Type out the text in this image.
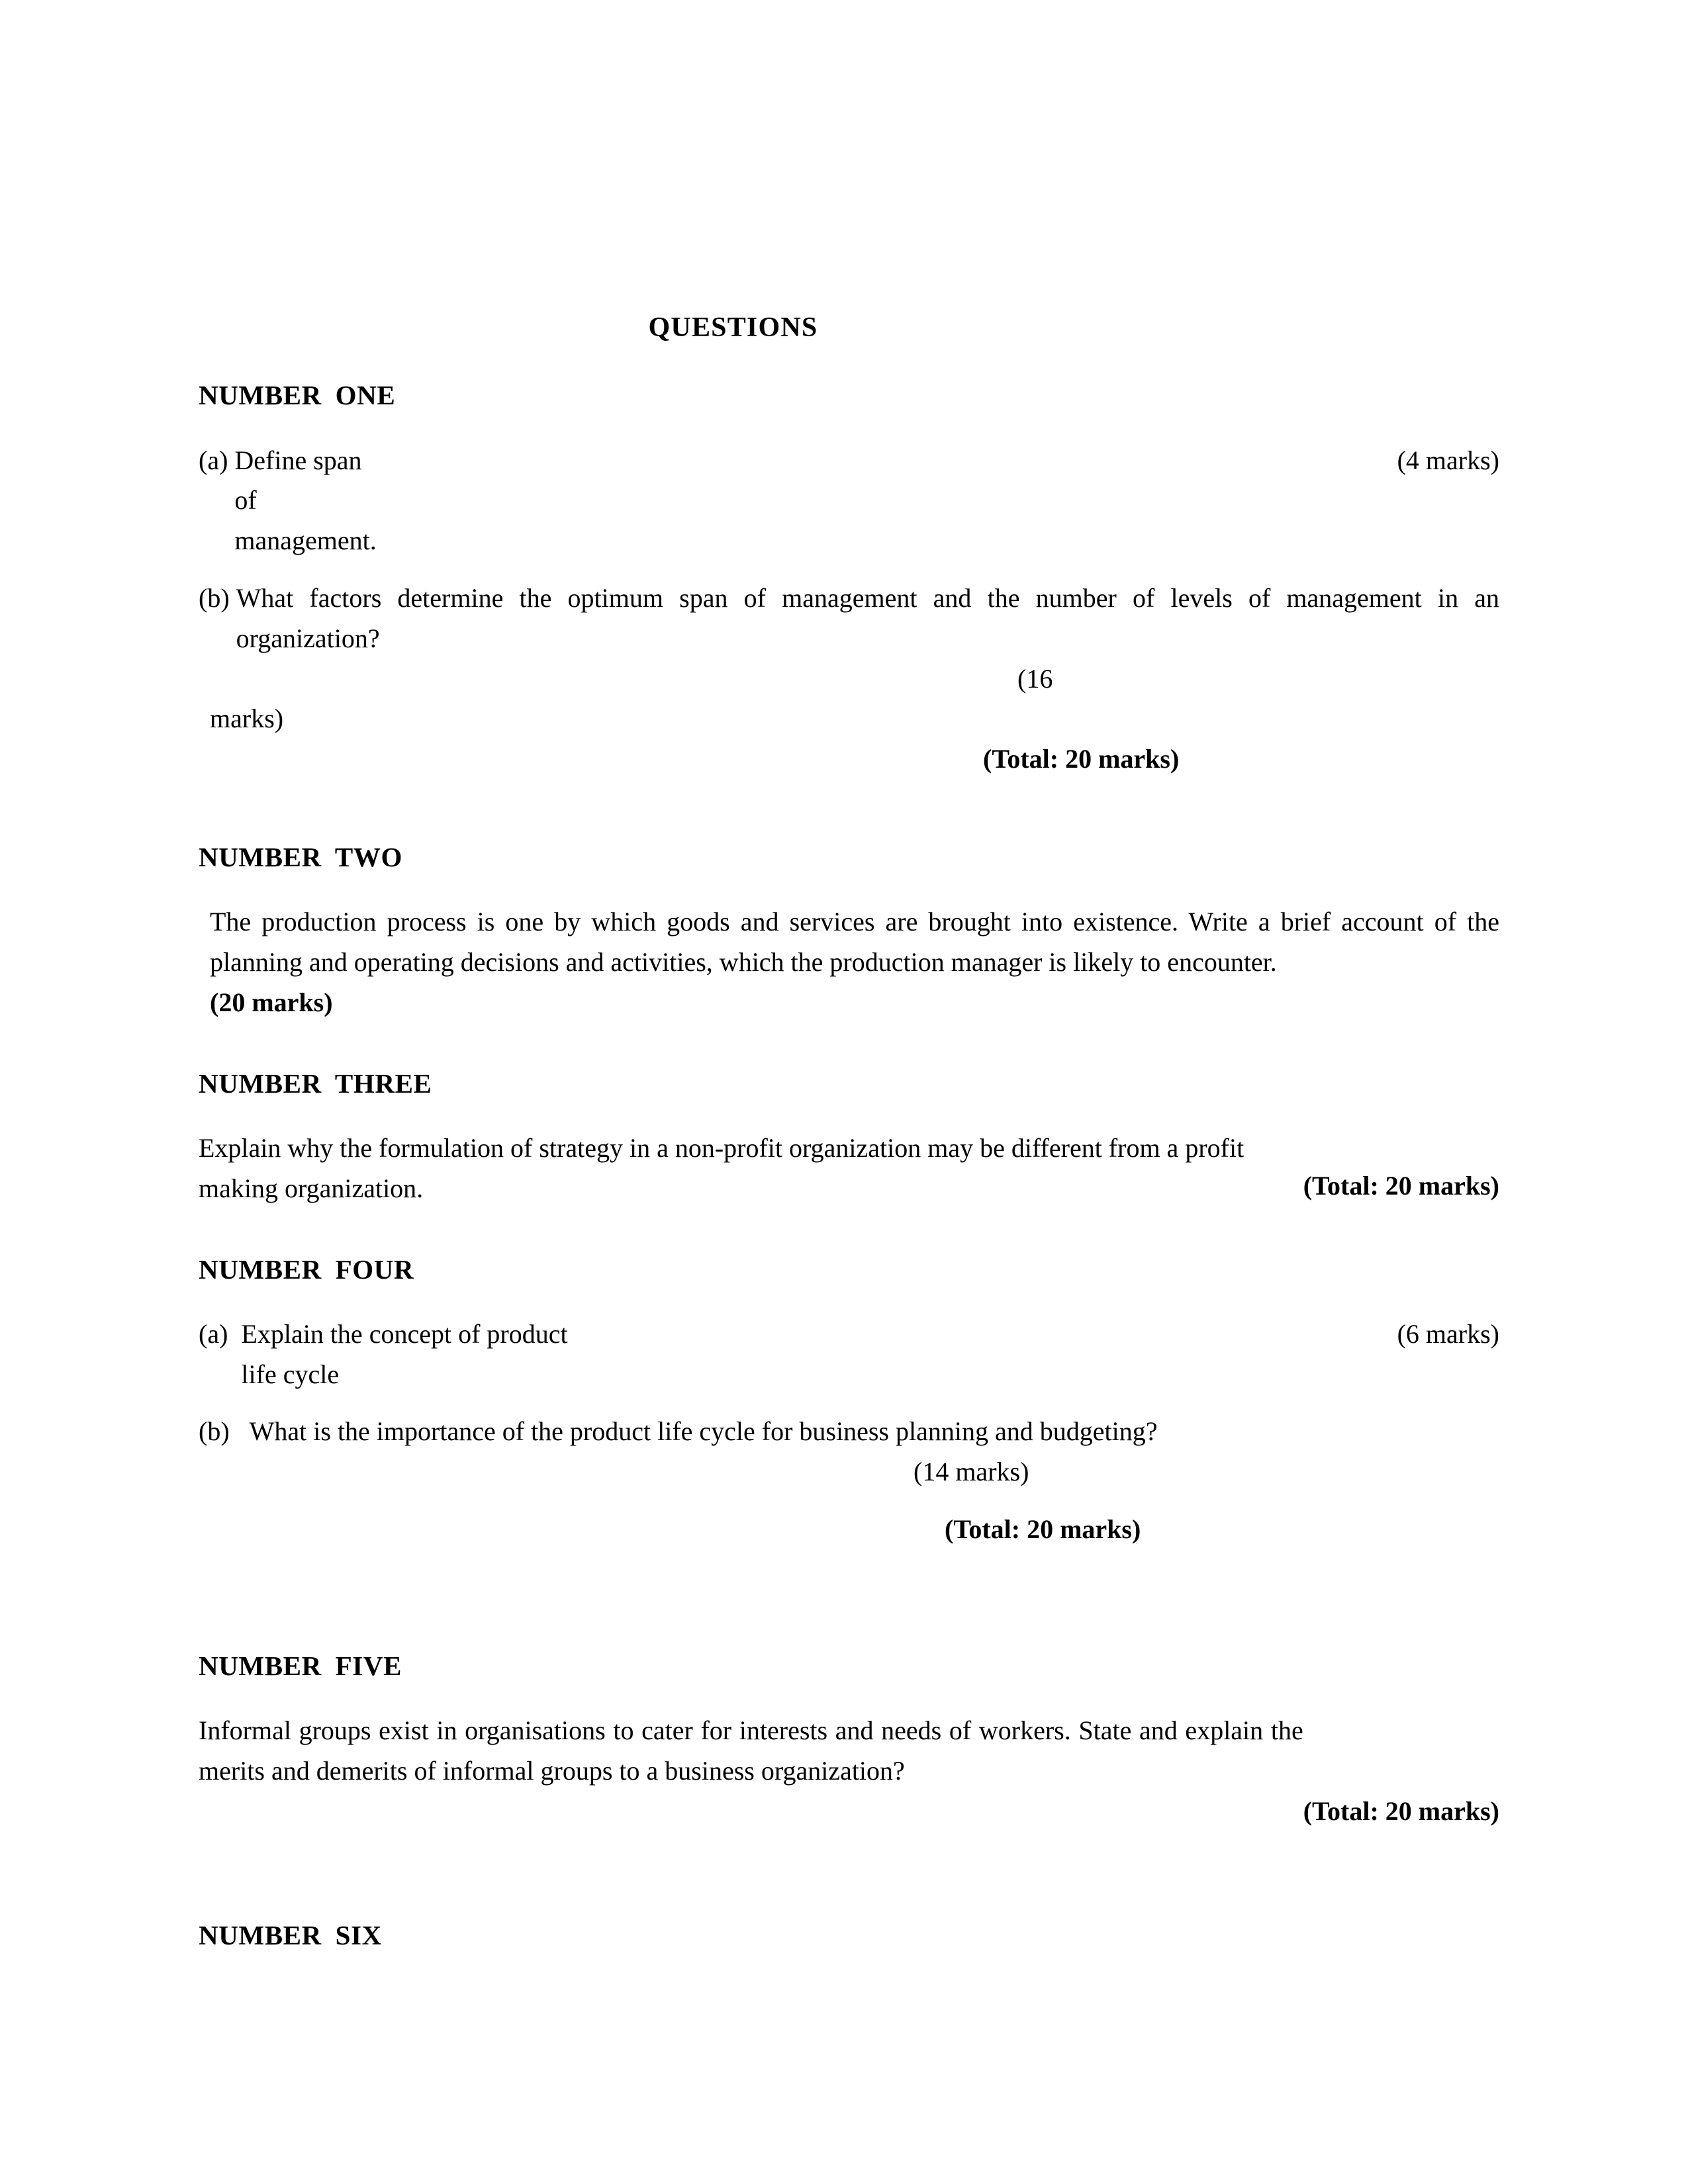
QUESTIONS
NUMBER ONE
(a)
Define span of management.
(4 marks)
(b)
What factors determine the optimum span of management and the number of levels of management in an organization?
(16
marks)
(Total: 20 marks)
NUMBER TWO
The production process is one by which goods and services are brought into existence. Write a brief account of the planning and operating decisions and activities, which the production manager is likely to encounter.
(20 marks)
NUMBER THREE
(Total: 20 marks)
Explain why the formulation of strategy in a non-profit organization may be different from a profit making organization.
NUMBER FOUR
(a)
Explain the concept of product life cycle
(6 marks)
(b)
What is the importance of the product life cycle for business planning and budgeting?
(14 marks)
(Total: 20 marks)
NUMBER FIVE
(Total: 20 marks)
Informal groups exist in organisations to cater for interests and needs of workers. State and explain the merits and demerits of informal groups to a business organization?
NUMBER SIX
